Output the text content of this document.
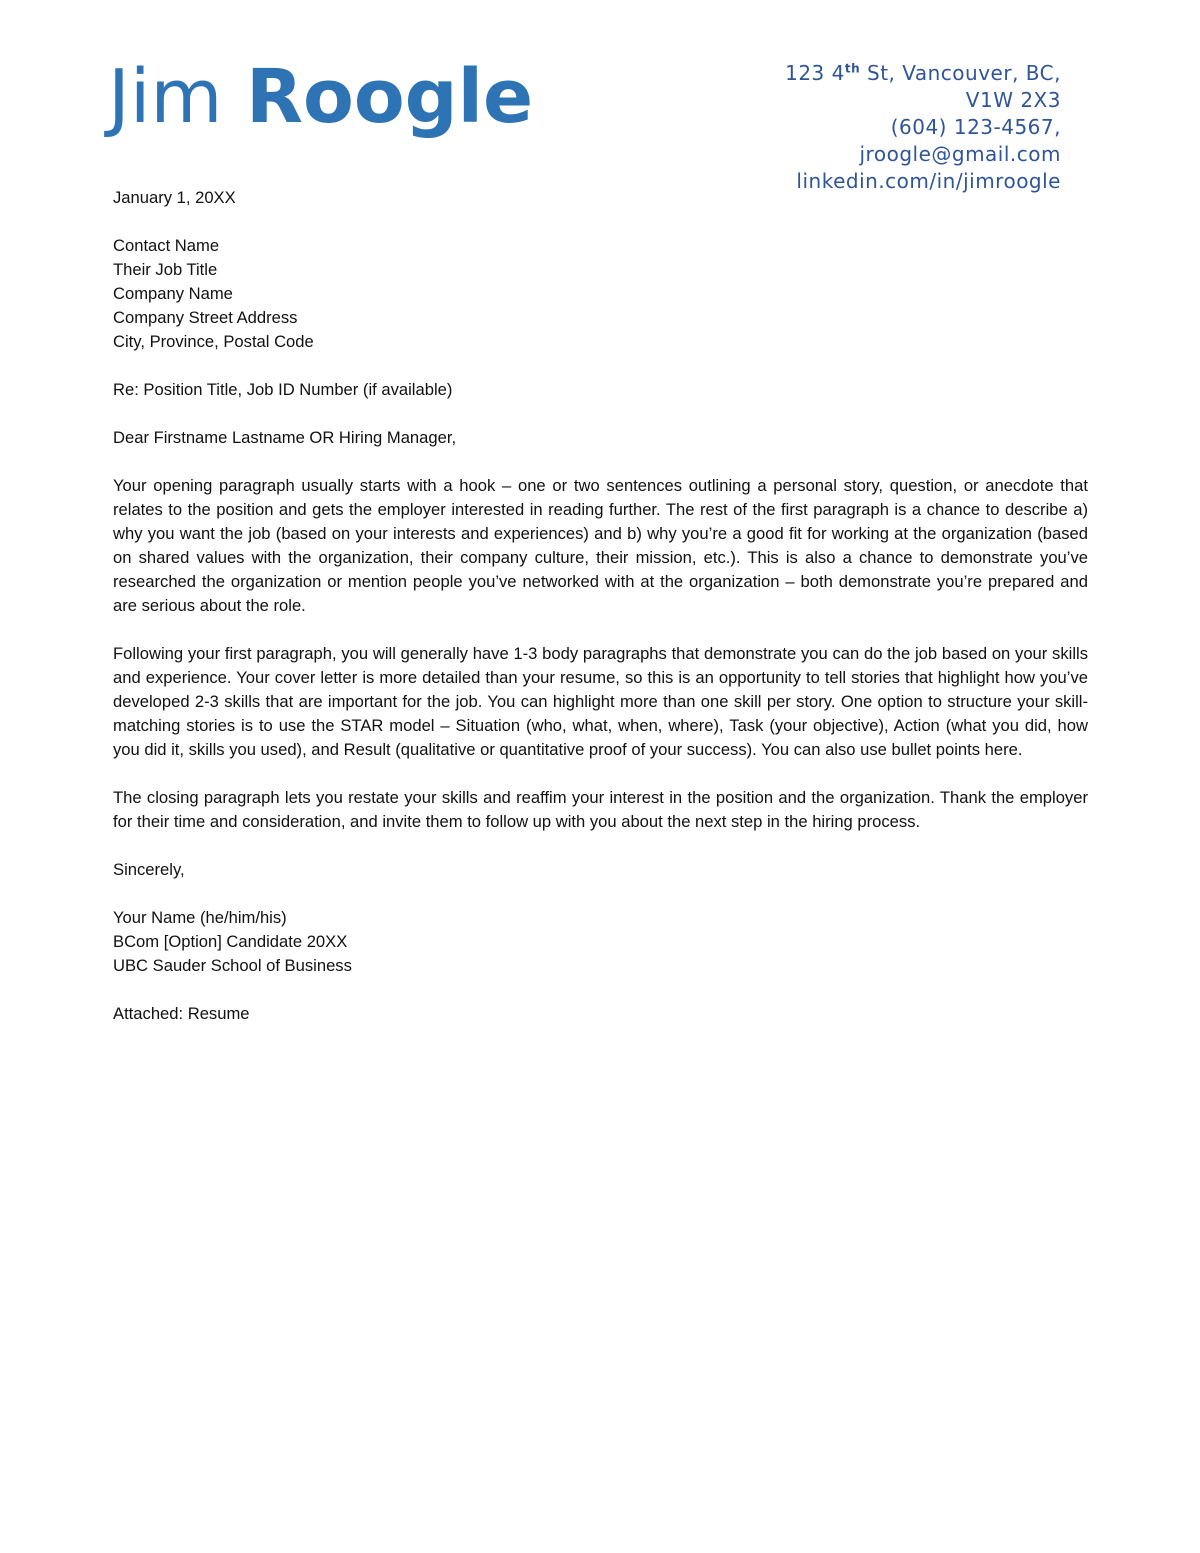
Jim Roogle	123 4th St, Vancouver, BC,
V1W 2X3
(604) 123-4567,
jroogle@gmail.com
linkedin.com/in/jimroogle

January 1, 20XX

Contact Name
Their Job Title
Company Name
Company Street Address
City, Province, Postal Code

Re: Position Title, Job ID Number (if available)

Dear Firstname Lastname OR Hiring Manager,

Your opening paragraph usually starts with a hook – one or two sentences outlining a personal story, question, or anecdote that relates to the position and gets the employer interested in reading further. The rest of the first paragraph is a chance to describe a) why you want the job (based on your interests and experiences) and b) why you’re a good fit for working at the organization (based on shared values with the organization, their company culture, their mission, etc.). This is also a chance to demonstrate you’ve researched the organization or mention people you’ve networked with at the organization – both demonstrate you’re prepared and are serious about the role.

Following your first paragraph, you will generally have 1-3 body paragraphs that demonstrate you can do the job based on your skills and experience. Your cover letter is more detailed than your resume, so this is an opportunity to tell stories that highlight how you’ve developed 2-3 skills that are important for the job. You can highlight more than one skill per story. One option to structure your skill-matching stories is to use the STAR model – Situation (who, what, when, where), Task (your objective), Action (what you did, how you did it, skills you used), and Result (qualitative or quantitative proof of your success). You can also use bullet points here.

The closing paragraph lets you restate your skills and reaffim your interest in the position and the organization. Thank the employer for their time and consideration, and invite them to follow up with you about the next step in the hiring process.

Sincerely,

Your Name (he/him/his)
BCom [Option] Candidate 20XX
UBC Sauder School of Business

Attached: Resume
